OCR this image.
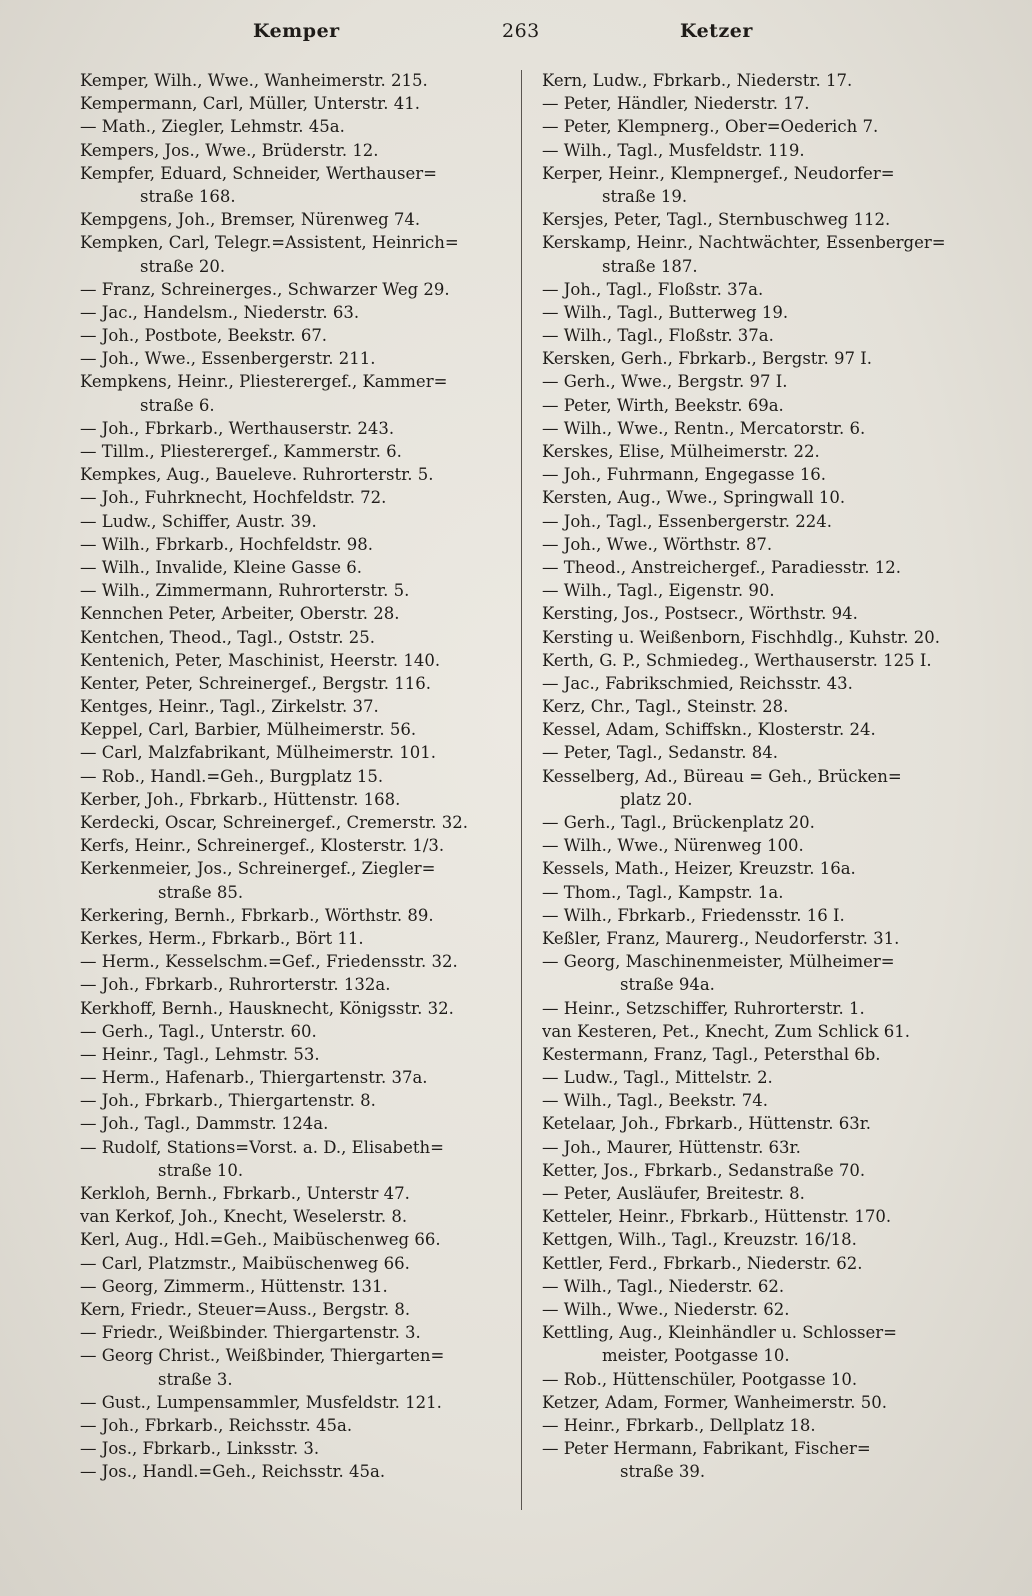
Kemper	263	Ketzer
Kemper, Wilh., Wwe., Wanheimerstr. 215.
Kempermann, Carl, Müller, Unterstr. 41.
— Math., Ziegler, Lehmstr. 45a.
Kempers, Jos., Wwe., Brüderstr. 12.
Kempfer, Eduard, Schneider, Werthauser=
straße 168.
Kempgens, Joh., Bremser, Nürenweg 74.
Kempken, Carl, Telegr.=Assistent, Heinrich=
straße 20.
— Franz, Schreinerges., Schwarzer Weg 29.
— Jac., Handelsm., Niederstr. 63.
— Joh., Postbote, Beekstr. 67.
— Joh., Wwe., Essenbergerstr. 211.
Kempkens, Heinr., Pliesterergef., Kammer=
straße 6.
— Joh., Fbrkarb., Werthauserstr. 243.
— Tillm., Pliesterergef., Kammerstr. 6.
Kempkes, Aug., Baueleve. Ruhrorterstr. 5.
— Joh., Fuhrknecht, Hochfeldstr. 72.
— Ludw., Schiffer, Austr. 39.
— Wilh., Fbrkarb., Hochfeldstr. 98.
— Wilh., Invalide, Kleine Gasse 6.
— Wilh., Zimmermann, Ruhrorterstr. 5.
Kennchen Peter, Arbeiter, Oberstr. 28.
Kentchen, Theod., Tagl., Oststr. 25.
Kentenich, Peter, Maschinist, Heerstr. 140.
Kenter, Peter, Schreinergef., Bergstr. 116.
Kentges, Heinr., Tagl., Zirkelstr. 37.
Keppel, Carl, Barbier, Mülheimerstr. 56.
— Carl, Malzfabrikant, Mülheimerstr. 101.
— Rob., Handl.=Geh., Burgplatz 15.
Kerber, Joh., Fbrkarb., Hüttenstr. 168.
Kerdecki, Oscar, Schreinergef., Cremerstr. 32.
Kerfs, Heinr., Schreinergef., Klosterstr. 1/3.
Kerkenmeier, Jos., Schreinergef., Ziegler=
straße 85.
Kerkering, Bernh., Fbrkarb., Wörthstr. 89.
Kerkes, Herm., Fbrkarb., Bört 11.
— Herm., Kesselschm.=Gef., Friedensstr. 32.
— Joh., Fbrkarb., Ruhrorterstr. 132a.
Kerkhoff, Bernh., Hausknecht, Königsstr. 32.
— Gerh., Tagl., Unterstr. 60.
— Heinr., Tagl., Lehmstr. 53.
— Herm., Hafenarb., Thiergartenstr. 37a.
— Joh., Fbrkarb., Thiergartenstr. 8.
— Joh., Tagl., Dammstr. 124a.
— Rudolf, Stations=Vorst. a. D., Elisabeth=
straße 10.
Kerkloh, Bernh., Fbrkarb., Unterstr 47.
van Kerkof, Joh., Knecht, Weselerstr. 8.
Kerl, Aug., Hdl.=Geh., Maibüschenweg 66.
— Carl, Platzmstr., Maibüschenweg 66.
— Georg, Zimmerm., Hüttenstr. 131.
Kern, Friedr., Steuer=Auss., Bergstr. 8.
— Friedr., Weißbinder. Thiergartenstr. 3.
— Georg Christ., Weißbinder, Thiergarten=
straße 3.
— Gust., Lumpensammler, Musfeldstr. 121.
— Joh., Fbrkarb., Reichsstr. 45a.
— Jos., Fbrkarb., Linksstr. 3.
— Jos., Handl.=Geh., Reichsstr. 45a.
Kern, Ludw., Fbrkarb., Niederstr. 17.
— Peter, Händler, Niederstr. 17.
— Peter, Klempnerg., Ober=Oederich 7.
— Wilh., Tagl., Musfeldstr. 119.
Kerper, Heinr., Klempnergef., Neudorfer=
straße 19.
Kersjes, Peter, Tagl., Sternbuschweg 112.
Kerskamp, Heinr., Nachtwächter, Essenberger=
straße 187.
— Joh., Tagl., Floßstr. 37a.
— Wilh., Tagl., Butterweg 19.
— Wilh., Tagl., Floßstr. 37a.
Kersken, Gerh., Fbrkarb., Bergstr. 97 I.
— Gerh., Wwe., Bergstr. 97 I.
— Peter, Wirth, Beekstr. 69a.
— Wilh., Wwe., Rentn., Mercatorstr. 6.
Kerskes, Elise, Mülheimerstr. 22.
— Joh., Fuhrmann, Engegasse 16.
Kersten, Aug., Wwe., Springwall 10.
— Joh., Tagl., Essenbergerstr. 224.
— Joh., Wwe., Wörthstr. 87.
— Theod., Anstreichergef., Paradiesstr. 12.
— Wilh., Tagl., Eigenstr. 90.
Kersting, Jos., Postsecr., Wörthstr. 94.
Kersting u. Weißenborn, Fischhdlg., Kuhstr. 20.
Kerth, G. P., Schmiedeg., Werthauserstr. 125 I.
— Jac., Fabrikschmied, Reichsstr. 43.
Kerz, Chr., Tagl., Steinstr. 28.
Kessel, Adam, Schiffskn., Klosterstr. 24.
— Peter, Tagl., Sedanstr. 84.
Kesselberg, Ad., Büreau = Geh., Brücken=
platz 20.
— Gerh., Tagl., Brückenplatz 20.
— Wilh., Wwe., Nürenweg 100.
Kessels, Math., Heizer, Kreuzstr. 16a.
— Thom., Tagl., Kampstr. 1a.
— Wilh., Fbrkarb., Friedensstr. 16 I.
Keßler, Franz, Maurerg., Neudorferstr. 31.
— Georg, Maschinenmeister, Mülheimer=
straße 94a.
— Heinr., Setzschiffer, Ruhrorterstr. 1.
van Kesteren, Pet., Knecht, Zum Schlick 61.
Kestermann, Franz, Tagl., Petersthal 6b.
— Ludw., Tagl., Mittelstr. 2.
— Wilh., Tagl., Beekstr. 74.
Ketelaar, Joh., Fbrkarb., Hüttenstr. 63r.
— Joh., Maurer, Hüttenstr. 63r.
Ketter, Jos., Fbrkarb., Sedanstraße 70.
— Peter, Ausläufer, Breitestr. 8.
Ketteler, Heinr., Fbrkarb., Hüttenstr. 170.
Kettgen, Wilh., Tagl., Kreuzstr. 16/18.
Kettler, Ferd., Fbrkarb., Niederstr. 62.
— Wilh., Tagl., Niederstr. 62.
— Wilh., Wwe., Niederstr. 62.
Kettling, Aug., Kleinhändler u. Schlosser=
meister, Pootgasse 10.
— Rob., Hüttenschüler, Pootgasse 10.
Ketzer, Adam, Former, Wanheimerstr. 50.
— Heinr., Fbrkarb., Dellplatz 18.
— Peter Hermann, Fabrikant, Fischer=
straße 39.
